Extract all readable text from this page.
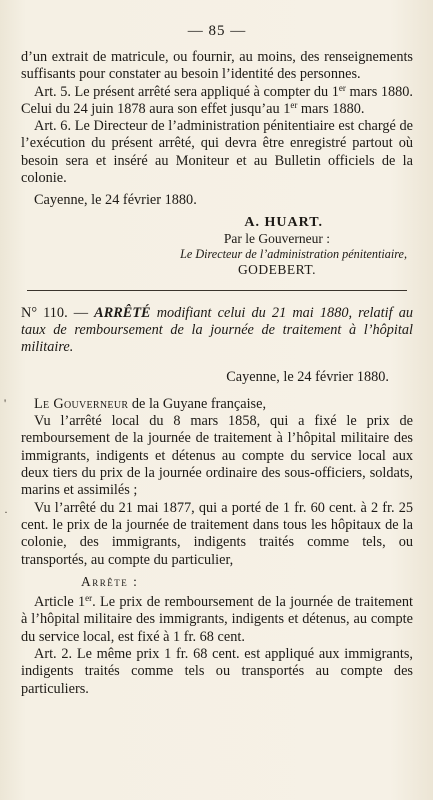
— 85 —

d’un extrait de matricule, ou fournir, au moins, des renseignements suffisants pour constater au besoin l’identité des personnes.

Art. 5. Le présent arrêté sera appliqué à compter du 1er mars 1880. Celui du 24 juin 1878 aura son effet jusqu’au 1er mars 1880.

Art. 6. Le Directeur de l’administration pénitentiaire est chargé de l’exécution du présent arrêté, qui devra être enregistré partout où besoin sera et inséré au Moniteur et au Bulletin officiels de la colonie.

Cayenne, le 24 février 1880.

A. HUART.
Par le Gouverneur :
Le Directeur de l’administration pénitentiaire,
GODEBERT.

N° 110. — ARRÊTÉ modifiant celui du 21 mai 1880, relatif au taux de remboursement de la journée de traitement à l’hôpital militaire.

Cayenne, le 24 février 1880.

Le Gouverneur de la Guyane française,

Vu l’arrêté local du 8 mars 1858, qui a fixé le prix de remboursement de la journée de traitement à l’hôpital militaire des immigrants, indigents et détenus au compte du service local aux deux tiers du prix de la journée ordinaire des sous-officiers, soldats, marins et assimilés ;

Vu l’arrêté du 21 mai 1877, qui a porté de 1 fr. 60 cent. à 2 fr. 25 cent. le prix de la journée de traitement dans tous les hôpitaux de la colonie, des immigrants, indigents traités comme tels, ou transportés, au compte du particulier,

Arrête :

Article 1er. Le prix de remboursement de la journée de traitement à l’hôpital militaire des immigrants, indigents et détenus, au compte du service local, est fixé à 1 fr. 68 cent.

Art. 2. Le même prix 1 fr. 68 cent. est appliqué aux immigrants, indigents traités comme tels ou transportés au compte des particuliers.

'
·
